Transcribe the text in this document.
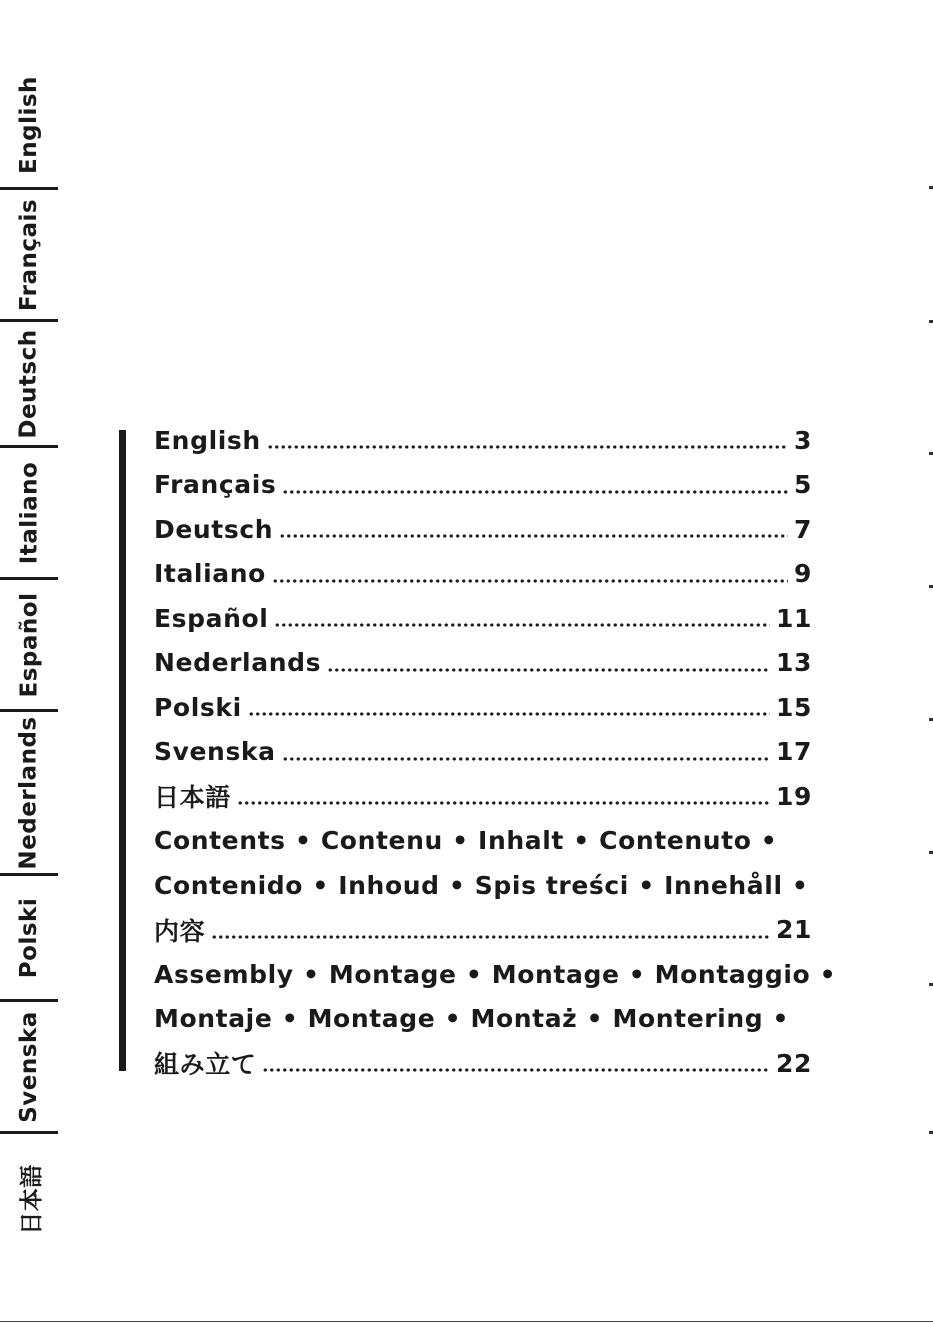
English
Français
Deutsch
Italiano
Español
Nederlands
Polski
Svenska
日本語
English	3
Français	5
Deutsch	7
Italiano	9
Español	11
Nederlands	13
Polski	15
Svenska	17
日本語	19
Contents • Contenu • Inhalt • Contenuto •
Contenido • Inhoud • Spis treści • Innehåll •
内容	21
Assembly • Montage • Montage • Montaggio •
Montaje • Montage • Montaż • Montering •
組み立て	22
